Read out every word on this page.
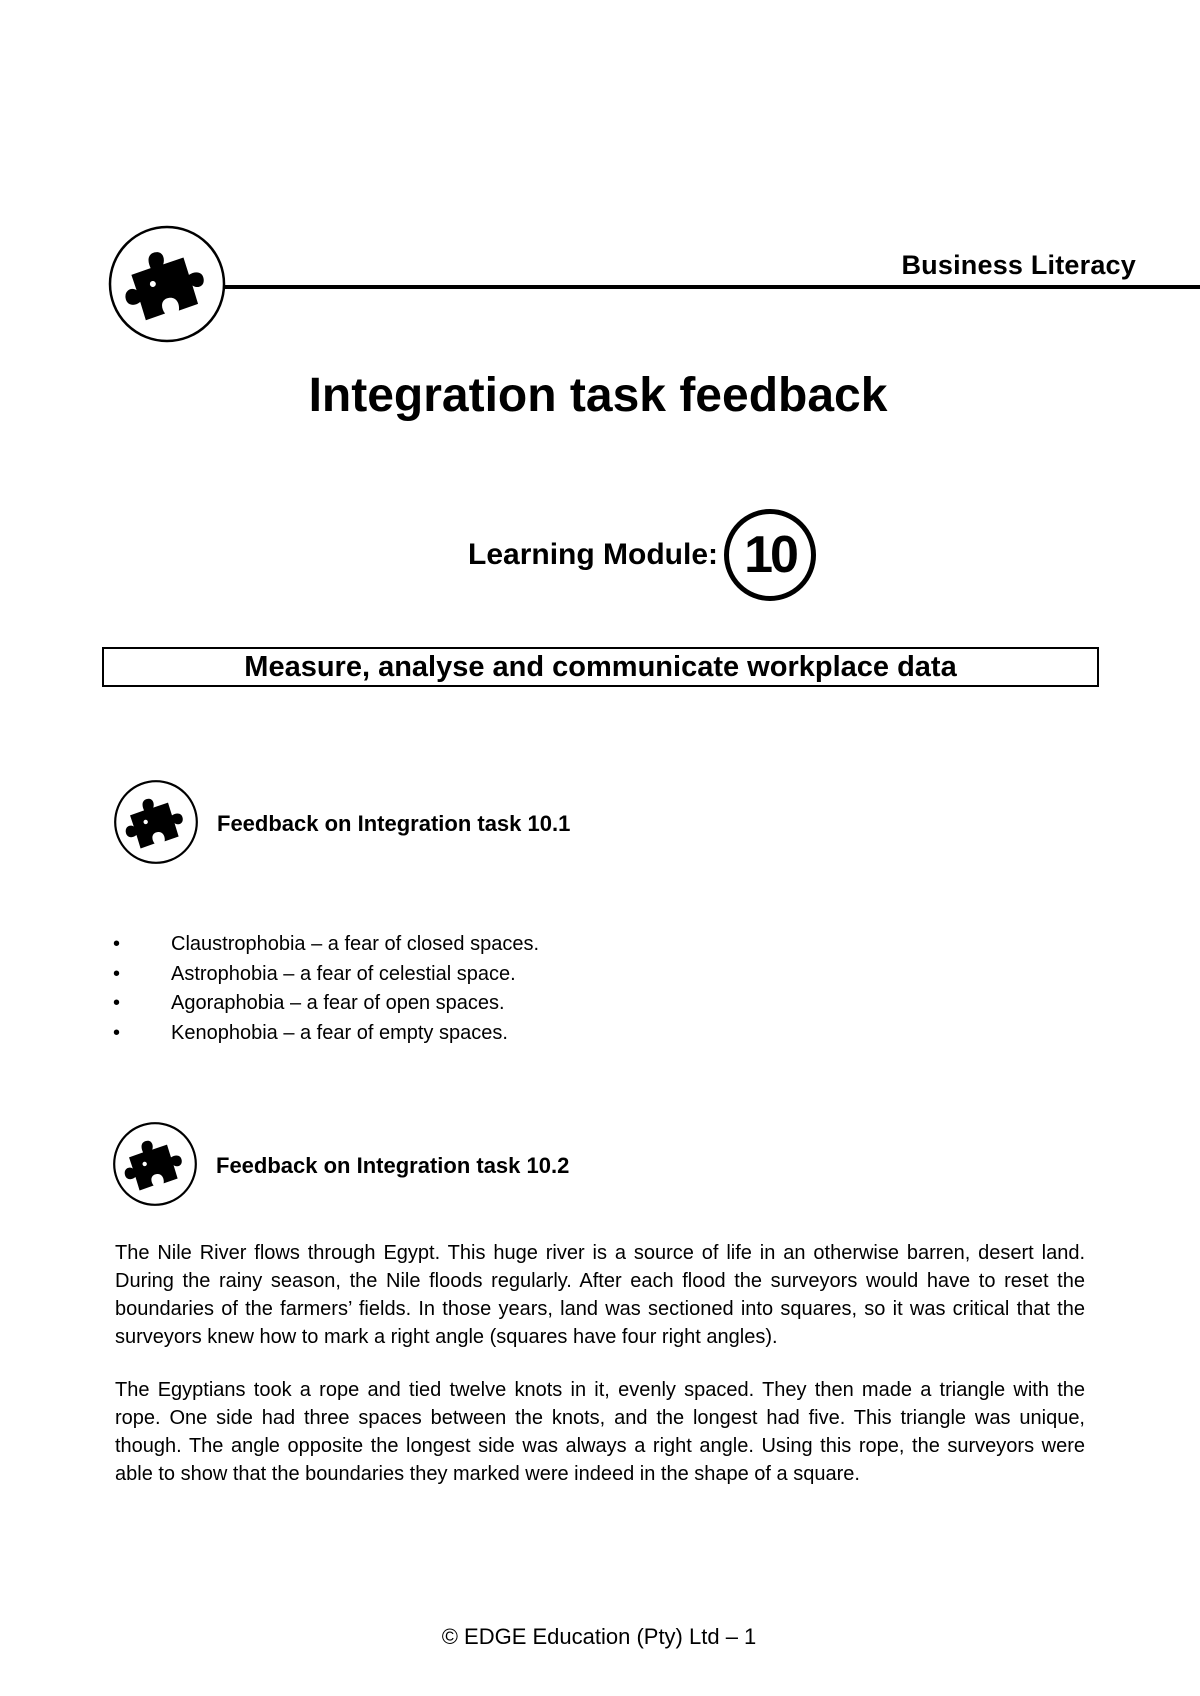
Business Literacy
Integration task feedback
Learning Module: 10
Measure, analyse and communicate workplace data
Feedback on Integration task 10.1
• Claustrophobia – a fear of closed spaces.
• Astrophobia – a fear of celestial space.
• Agoraphobia – a fear of open spaces.
• Kenophobia – a fear of empty spaces.
Feedback on Integration task 10.2

The Nile River flows through Egypt. This huge river is a source of life in an otherwise barren, desert land. During the rainy season, the Nile floods regularly. After each flood the surveyors would have to reset the boundaries of the farmers’ fields. In those years, land was sectioned into squares, so it was critical that the surveyors knew how to mark a right angle (squares have four right angles).

The Egyptians took a rope and tied twelve knots in it, evenly spaced. They then made a triangle with the rope. One side had three spaces between the knots, and the longest had five. This triangle was unique, though. The angle opposite the longest side was always a right angle. Using this rope, the surveyors were able to show that the boundaries they marked were indeed in the shape of a square.

© EDGE Education (Pty) Ltd – 1
